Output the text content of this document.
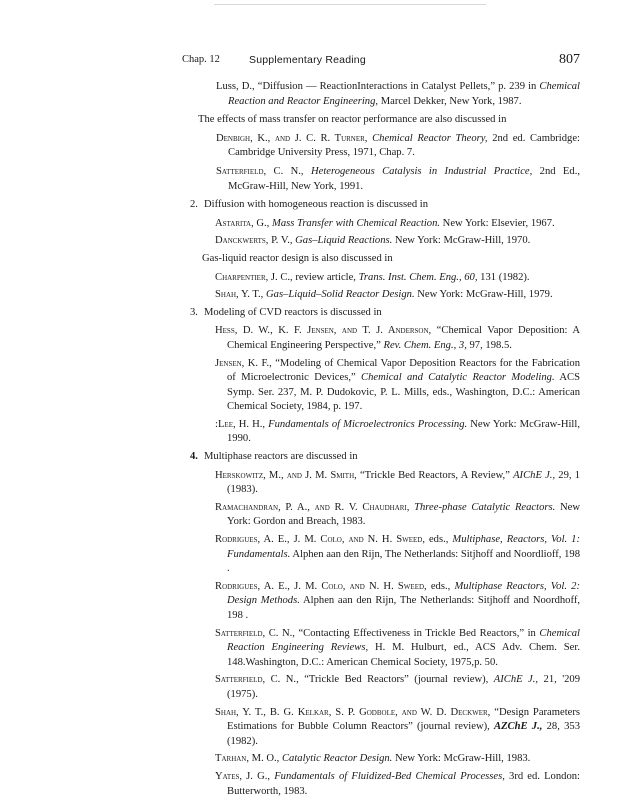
Chap. 12	Supplementary Reading	807
Luss, D., “Diffusion — ReactionInteractions in Catalyst Pellets,” p. 239 in Chemical Reaction and Reactor Engineering, Marcel Dekker, New York, 1987.
The effects of mass transfer on reactor performance are also discussed in
Denbigh, K., and J. C. R. Turner, Chemical Reactor Theory, 2nd ed. Cambridge: Cambridge University Press, 1971, Chap. 7.
Satterfield, C. N., Heterogeneous Catalysis in Industrial Practice, 2nd Ed., McGraw-Hill, New York, 1991.
2. Diffusion with homogeneous reaction is discussed in
Astarita, G., Mass Transfer with Chemical Reaction. New York: Elsevier, 1967.
Danckwerts, P. V., Gas–Liquid Reactions. New York: McGraw-Hill, 1970.
Gas-liquid reactor design is also discussed in
Charpentier, J. C., review article, Trans. Inst. Chem. Eng., 60, 131 (1982).
Shah, Y. T., Gas–Liquid–Solid Reactor Design. New York: McGraw-Hill, 1979.
3. Modeling of CVD reactors is discussed in
Hess, D. W., K. F. Jensen, and T. J. Anderson, “Chemical Vapor Deposition: A Chemical Engineering Perspective,” Rev. Chem. Eng., 3, 97, 198.5.
Jensen, K. F., “Modeling of Chemical Vapor Deposition Reactors for the Fabrication of Microelectronic Devices,” Chemical and Catalytic Reactor Modeling. ACS Symp. Ser. 237, M. P. Dudokovic, P. L. Mills, eds., Washington, D.C.: American Chemical Society, 1984, p. 197.
:Lee, H. H., Fundamentals of Microelectronics Processing. New York: McGraw-Hill, 1990.
4. Multiphase reactors are discussed in
Herskowitz, M., and J. M. Smith, “Trickle Bed Reactors, A Review,” AIChE J., 29, 1 (1983).
Ramachandran, P. A., and R. V. Chaudhari, Three-phase Catalytic Reactors. New York: Gordon and Breach, 1983.
Rodrigues, A. E., J. M. Colo, and N. H. Sweed, eds., Multiphase, Reactors, Vol. 1: Fundamentals. Alphen aan den Rijn, The Netherlands: Sitjhoff and Noordlioff, 198 .
Rodrigues, A. E., J. M. Colo, and N. H. Sweed, eds., Multiphase Reactors, Vol. 2: Design Methods. Alphen aan den Rijn, The Netherlands: Sitjhoff and Noordhoff, 198 .
Satterfield, C. N., “Contacting Effectiveness in Trickle Bed Reactors,” in Chemical Reaction Engineering Reviews, H. M. Hulburt, ed., ACS Adv. Chem. Ser. 148.Washington, D.C.: American Chemical Society, 1975,p. 50.
Satterfield, C. N., “Trickle Bed Reactors” (journal review), AIChE J., 21, '209 (1975).
Shah, Y. T., B. G. Kelkar, S. P. Godbole, and W. D. Deckwer, “Design Parameters Estimations for Bubble Column Reactors” (journal review), AZChE J., 28, 353 (1982).
Tarhan, M. O., Catalytic Reactor Design. New York: McGraw-Hill, 1983.
Yates, J. G., Fundamentals of Fluidized-Bed Chemical Processes, 3rd ed. London: Butterworth, 1983.
